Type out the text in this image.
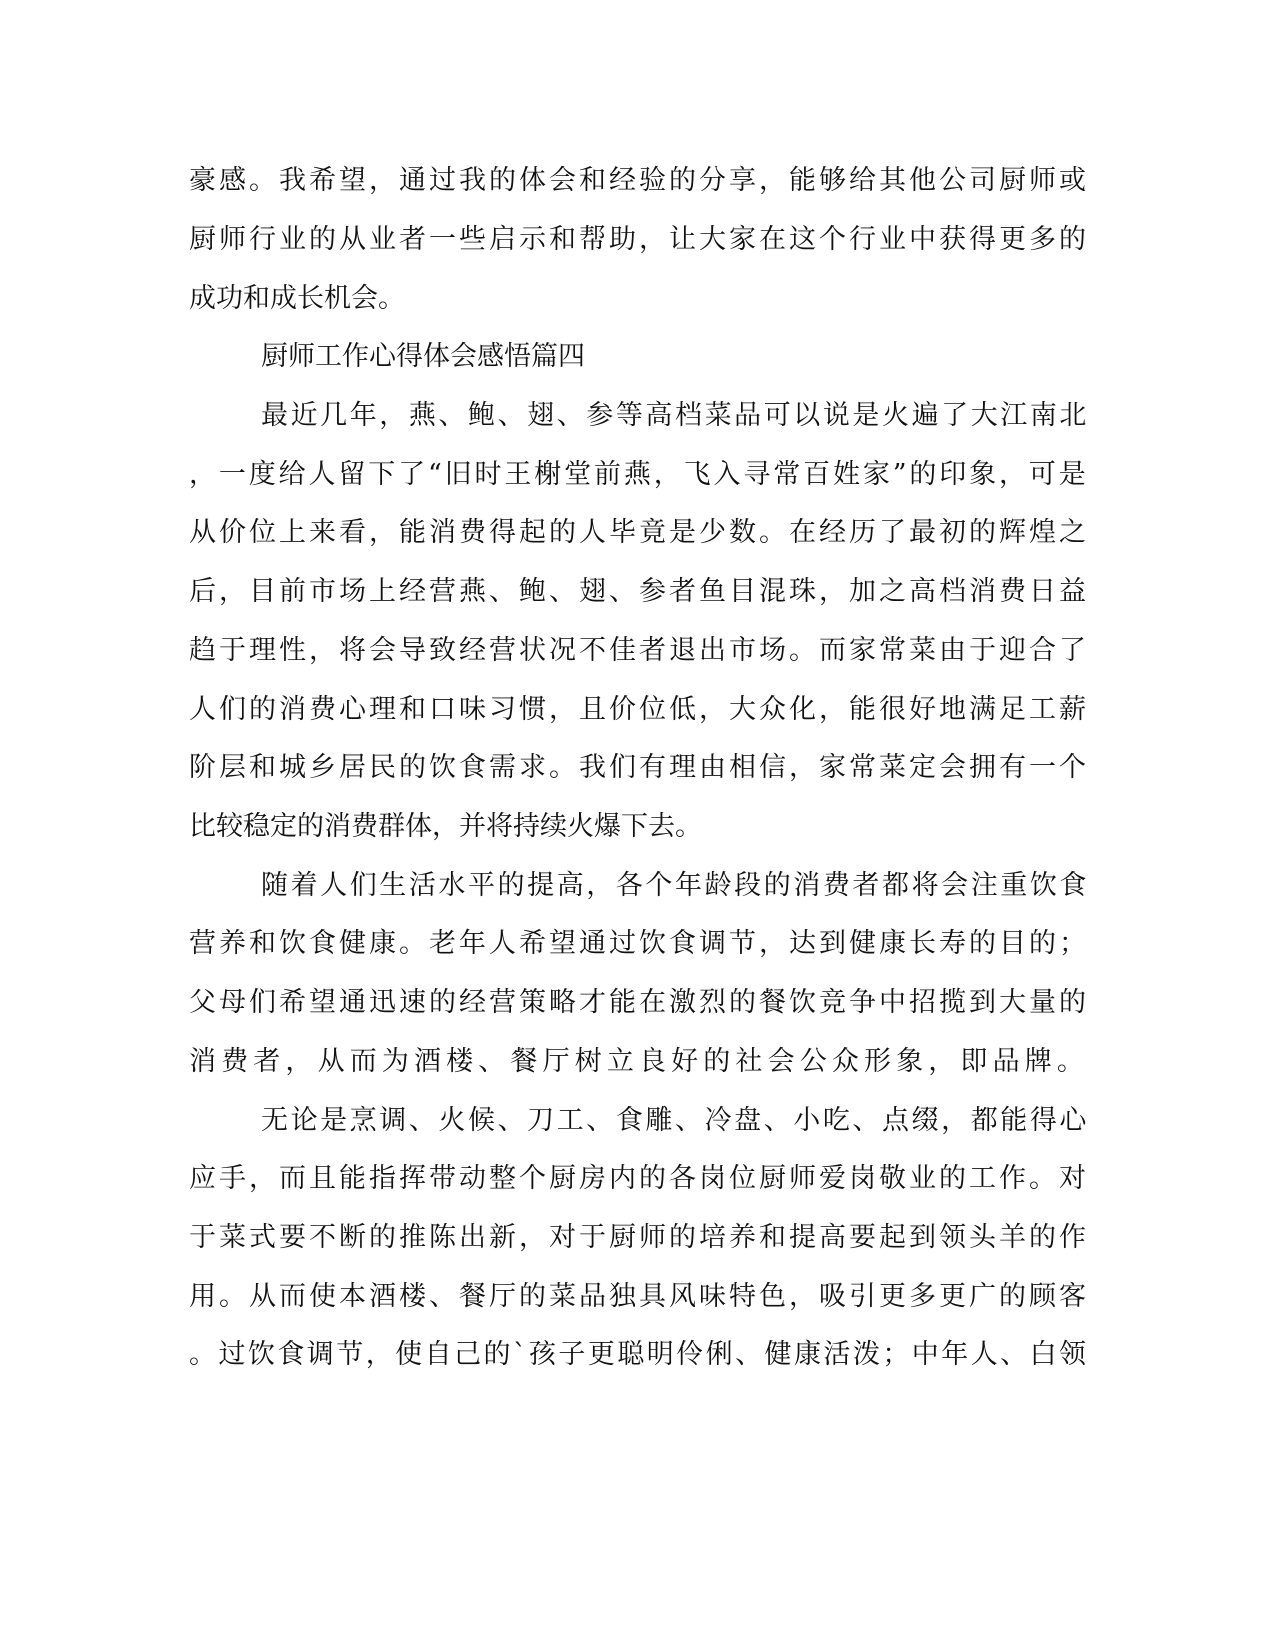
豪感。我希望，通过我的体会和经验的分享，能够给其他公司厨师或
厨师行业的从业者一些启示和帮助，让大家在这个行业中获得更多的
成功和成长机会。
厨师工作心得体会感悟篇四
最近几年，燕、鲍、翅、参等高档菜品可以说是火遍了大江南北
，一度给人留下了“旧时王榭堂前燕，飞入寻常百姓家”的印象，可是
从价位上来看，能消费得起的人毕竟是少数。在经历了最初的辉煌之
后，目前市场上经营燕、鲍、翅、参者鱼目混珠，加之高档消费日益
趋于理性，将会导致经营状况不佳者退出市场。而家常菜由于迎合了
人们的消费心理和口味习惯，且价位低，大众化，能很好地满足工薪
阶层和城乡居民的饮食需求。我们有理由相信，家常菜定会拥有一个
比较稳定的消费群体，并将持续火爆下去。
随着人们生活水平的提高，各个年龄段的消费者都将会注重饮食
营养和饮食健康。老年人希望通过饮食调节，达到健康长寿的目的；
父母们希望通迅速的经营策略才能在激烈的餐饮竞争中招揽到大量的
消费者，从而为酒楼、餐厅树立良好的社会公众形象，即品牌。
无论是烹调、火候、刀工、食雕、冷盘、小吃、点缀，都能得心
应手，而且能指挥带动整个厨房内的各岗位厨师爱岗敬业的工作。对
于菜式要不断的推陈出新，对于厨师的培养和提高要起到领头羊的作
用。从而使本酒楼、餐厅的菜品独具风味特色，吸引更多更广的顾客
。过饮食调节，使自己的`孩子更聪明伶俐、健康活泼；中年人、白领
